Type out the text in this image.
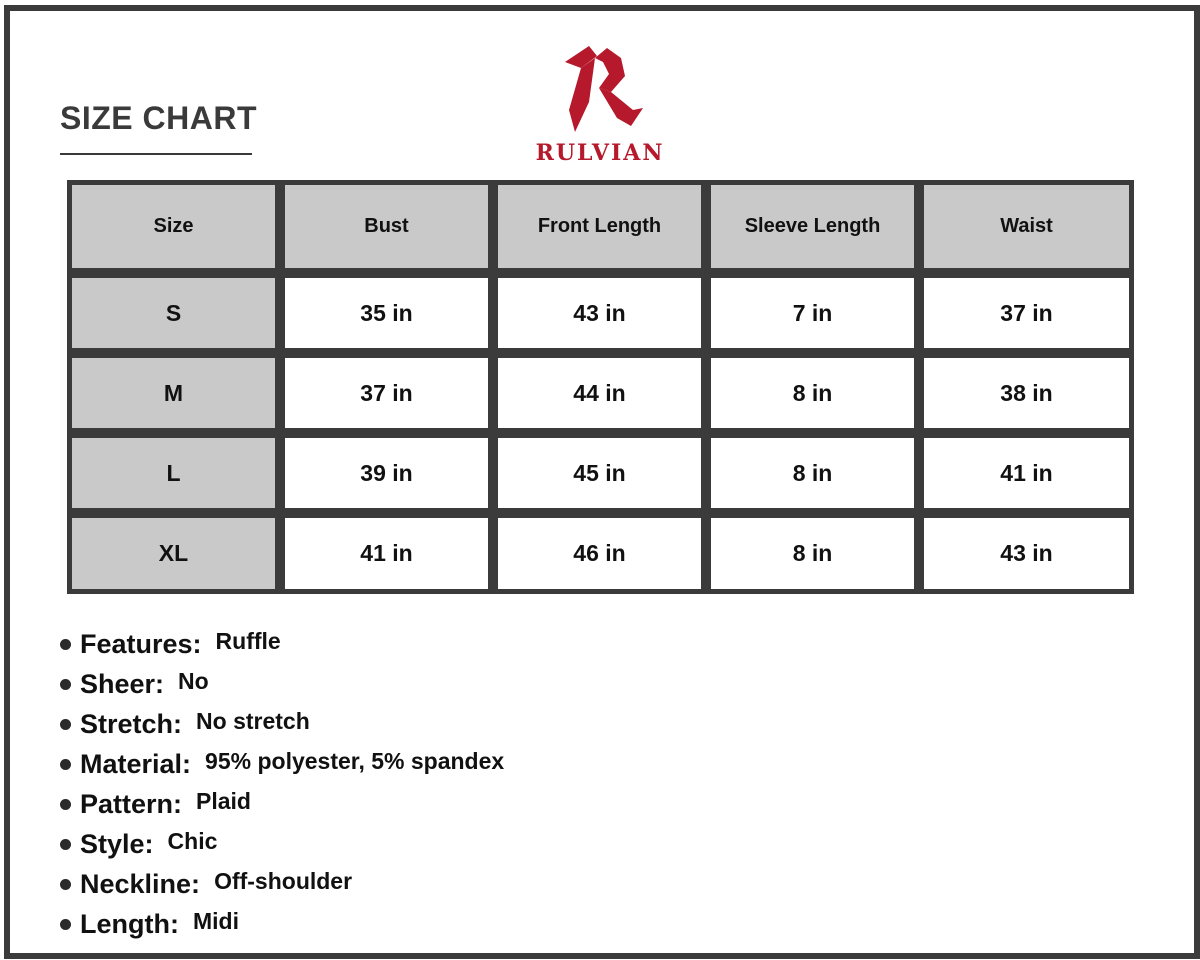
SIZE CHART
RULVIAN
Size	Bust	Front Length	Sleeve Length	Waist
S	35 in	43 in	7 in	37 in
M	37 in	44 in	8 in	38 in
L	39 in	45 in	8 in	41 in
XL	41 in	46 in	8 in	43 in
Features: Ruffle
Sheer: No
Stretch: No stretch
Material: 95% polyester, 5% spandex
Pattern: Plaid
Style: Chic
Neckline: Off-shoulder
Length: Midi
